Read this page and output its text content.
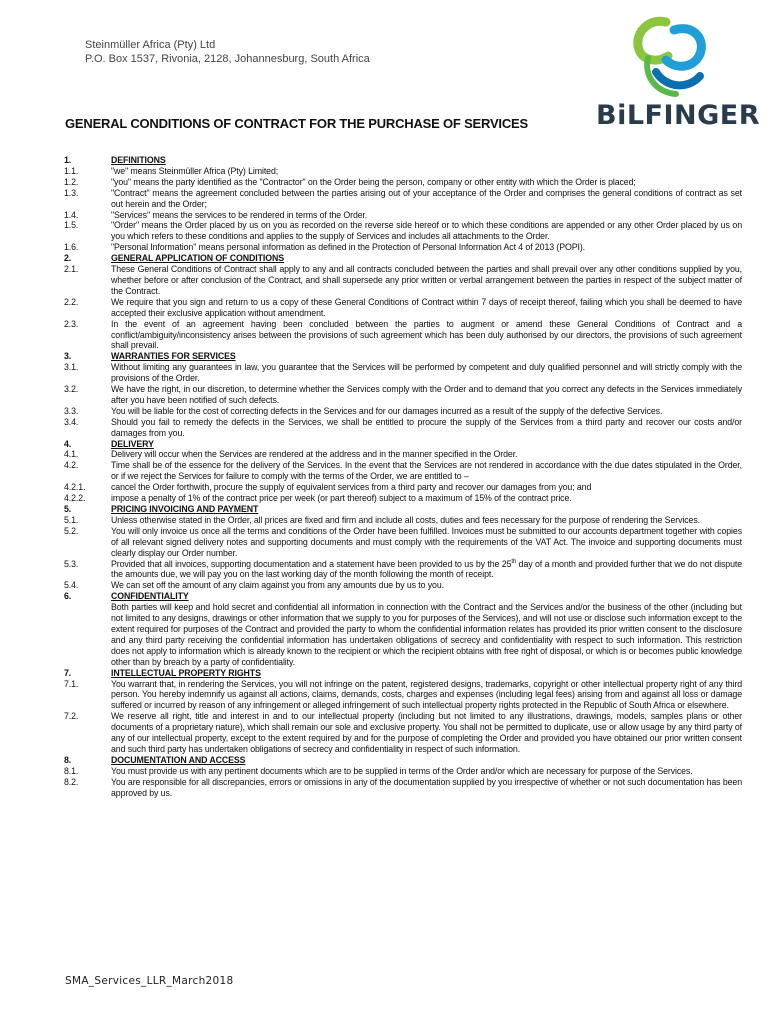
Steinmüller Africa (Pty) Ltd
P.O. Box 1537, Rivonia, 2128, Johannesburg, South Africa
BiLFINGER
GENERAL CONDITIONS OF CONTRACT FOR THE PURCHASE OF SERVICES
1.	DEFINITIONS
1.1.	"we" means Steinmüller Africa (Pty) Limited;
1.2.	"you" means the party identified as the "Contractor" on the Order being the person, company or other entity with which the Order is placed;
1.3.	"Contract" means the agreement concluded between the parties arising out of your acceptance of the Order and comprises the general conditions of contract as set out herein and the Order;
1.4.	"Services" means the services to be rendered in terms of the Order.
1.5.	"Order" means the Order placed by us on you as recorded on the reverse side hereof or to which these conditions are appended or any other Order placed by us on you which refers to these conditions and applies to the supply of Services and includes all attachments to the Order.
1.6.	"Personal Information" means personal information as defined in the Protection of Personal Information Act 4 of 2013 (POPI).
2.	GENERAL APPLICATION OF CONDITIONS
2.1.	These General Conditions of Contract shall apply to any and all contracts concluded between the parties and shall prevail over any other conditions supplied by you, whether before or after conclusion of the Contract, and shall supersede any prior written or verbal arrangement between the parties in respect of the subject matter of the Contract.
2.2.	We require that you sign and return to us a copy of these General Conditions of Contract within 7 days of receipt thereof, failing which you shall be deemed to have accepted their exclusive application without amendment.
2.3.	In the event of an agreement having been concluded between the parties to augment or amend these General Conditions of Contract and a conflict/ambiguity/inconsistency arises between the provisions of such agreement which has been duly authorised by our directors, the provisions of such agreement shall prevail.
3.	WARRANTIES FOR SERVICES
3.1.	Without limiting any guarantees in law, you guarantee that the Services will be performed by competent and duly qualified personnel and will strictly comply with the provisions of the Order.
3.2.	We have the right, in our discretion, to determine whether the Services comply with the Order and to demand that you correct any defects in the Services immediately after you have been notified of such defects.
3.3.	You will be liable for the cost of correcting defects in the Services and for our damages incurred as a result of the supply of the defective Services.
3.4.	Should you fail to remedy the defects in the Services, we shall be entitled to procure the supply of the Services from a third party and recover our costs and/or damages from you.
4.	DELIVERY
4.1.	Delivery will occur when the Services are rendered at the address and in the manner specified in the Order.
4.2.	Time shall be of the essence for the delivery of the Services. In the event that the Services are not rendered in accordance with the due dates stipulated in the Order, or if we reject the Services for failure to comply with the terms of the Order, we are entitled to –
4.2.1.	cancel the Order forthwith, procure the supply of equivalent services from a third party and recover our damages from you; and
4.2.2.	impose a penalty of 1% of the contract price per week (or part thereof) subject to a maximum of 15% of the contract price.
5.	PRICING INVOICING AND PAYMENT
5.1.	Unless otherwise stated in the Order, all prices are fixed and firm and include all costs, duties and fees necessary for the purpose of rendering the Services.
5.2.	You will only invoice us once all the terms and conditions of the Order have been fulfilled. Invoices must be submitted to our accounts department together with copies of all relevant signed delivery notes and supporting documents and must comply with the requirements of the VAT Act. The invoice and supporting documents must clearly display our Order number.
5.3.	Provided that all invoices, supporting documentation and a statement have been provided to us by the 25th day of a month and provided further that we do not dispute the amounts due, we will pay you on the last working day of the month following the month of receipt.
5.4.	We can set off the amount of any claim against you from any amounts due by us to you.
6.	CONFIDENTIALITY
Both parties will keep and hold secret and confidential all information in connection with the Contract and the Services and/or the business of the other (including but not limited to any designs, drawings or other information that we supply to you for purposes of the Services), and will not use or disclose such information except to the extent required for purposes of the Contract and provided the party to whom the confidential information relates has provided its prior written consent to the disclosure and any third party receiving the confidential information has undertaken obligations of secrecy and confidentiality with respect to such information. This restriction does not apply to information which is already known to the recipient or which the recipient obtains with free right of disposal, or which is or becomes public knowledge other than by breach by a party of confidentiality.
7.	INTELLECTUAL PROPERTY RIGHTS
7.1.	You warrant that, in rendering the Services, you will not infringe on the patent, registered designs, trademarks, copyright or other intellectual property right of any third person. You hereby indemnify us against all actions, claims, demands, costs, charges and expenses (including legal fees) arising from and against all loss or damage suffered or incurred by reason of any infringement or alleged infringement of such intellectual property rights protected in the Republic of South Africa or elsewhere.
7.2.	We reserve all right, title and interest in and to our intellectual property (including but not limited to any illustrations, drawings, models, samples plans or other documents of a proprietary nature), which shall remain our sole and exclusive property. You shall not be permitted to duplicate, use or allow usage by any third party of any of our intellectual property, except to the extent required by and for the purpose of completing the Order and provided you have obtained our prior written consent and such third party has undertaken obligations of secrecy and confidentiality in respect of such information.
8.	DOCUMENTATION AND ACCESS
8.1.	You must provide us with any pertinent documents which are to be supplied in terms of the Order and/or which are necessary for purpose of the Services.
8.2.	You are responsible for all discrepancies, errors or omissions in any of the documentation supplied by you irrespective of whether or not such documentation has been approved by us.
SMA_Services_LLR_March2018
